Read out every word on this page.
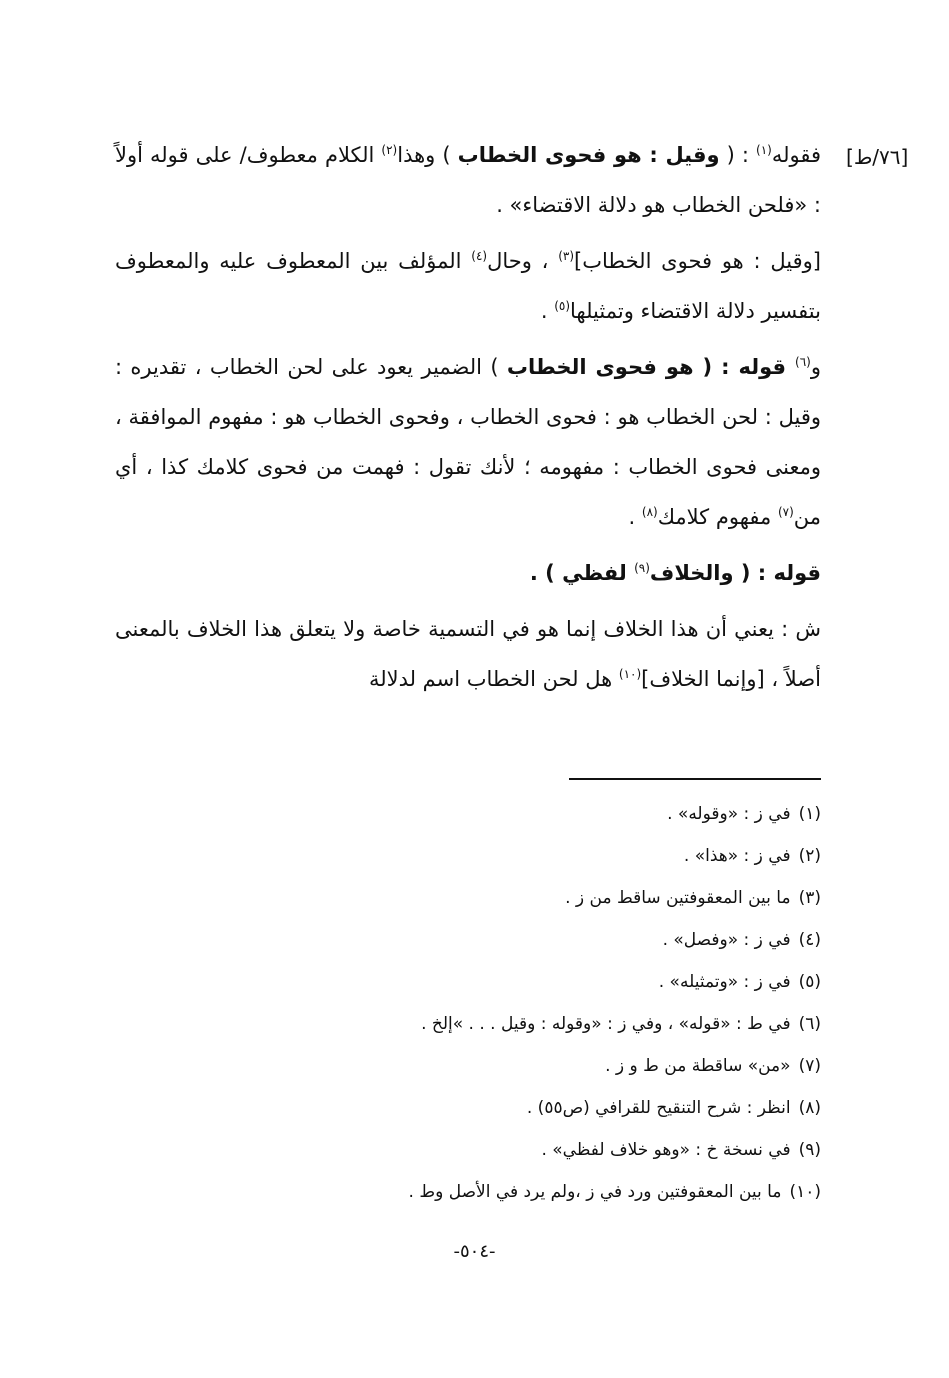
[٧٦/ط]

فقوله$^{(١)}$ : ( وقيل : هو فحوى الخطاب ) وهذا$^{(٢)}$ الكلام معطوف/ على قوله أولاً : «فلحن الخطاب هو دلالة الاقتضاء» .

[وقيل : هو فحوى الخطاب]$^{(٣)}$ ، وحال$^{(٤)}$ المؤلف بين المعطوف عليه والمعطوف بتفسير دلالة الاقتضاء وتمثيلها$^{(٥)}$ .

و$^{(٦)}$ قوله : ( هو فحوى الخطاب ) الضمير يعود على لحن الخطاب ، تقديره : وقيل : لحن الخطاب هو : فحوى الخطاب ، وفحوى الخطاب هو : مفهوم الموافقة ، ومعنى فحوى الخطاب : مفهومه ؛ لأنك تقول : فهمت من فحوى كلامك كذا ، أي من$^{(٧)}$ مفهوم كلامك$^{(٨)}$ .

قوله : ( والخلاف$^{(٩)}$ لفظي ) .

ش : يعني أن هذا الخلاف إنما هو في التسمية خاصة ولا يتعلق هذا الخلاف بالمعنى أصلاً ، [وإنما الخلاف]$^{(١٠)}$ هل لحن الخطاب اسم لدلالة

(١)في ز : «وقوله» .
(٢)في ز : «هذا» .
(٣)ما بين المعقوفتين ساقط من ز .
(٤)في ز : «وفصل» .
(٥)في ز : «وتمثيله» .
(٦)في ط : «قوله» ، وفي ز : «وقوله : وقيل . . . »إلخ .
(٧)«من» ساقطة من ط و ز .
(٨)انظر : شرح التنقيح للقرافي (ص٥٥) .
(٩)في نسخة خ : «وهو خلاف لفظي» .
(١٠)ما بين المعقوفتين ورد في ز ،ولم يرد في الأصل وط .
-٥٠٤-
